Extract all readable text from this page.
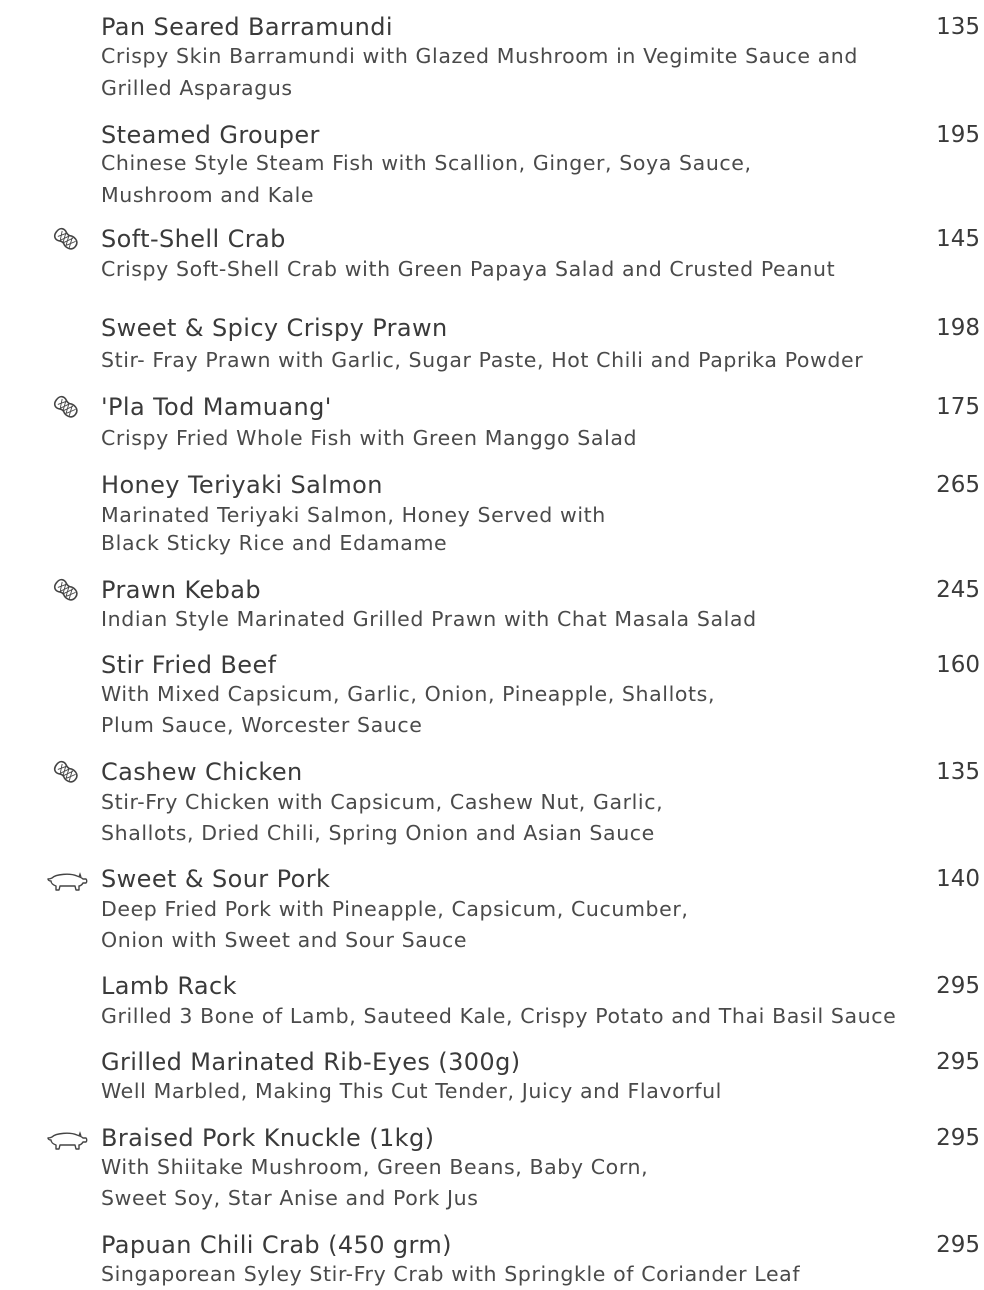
Pan Seared Barramundi	135
Crispy Skin Barramundi with Glazed Mushroom in Vegimite Sauce and
Grilled Asparagus
Steamed Grouper	195
Chinese Style Steam Fish with Scallion, Ginger, Soya Sauce,
Mushroom and Kale
Soft-Shell Crab	145
Crispy Soft-Shell Crab with Green Papaya Salad and Crusted Peanut
Sweet & Spicy Crispy Prawn	198
Stir- Fray Prawn with Garlic, Sugar Paste, Hot Chili and Paprika Powder
'Pla Tod Mamuang'	175
Crispy Fried Whole Fish with Green Manggo Salad
Honey Teriyaki Salmon	265
Marinated Teriyaki Salmon, Honey Served with
Black Sticky Rice and Edamame
Prawn Kebab	245
Indian Style Marinated Grilled Prawn with Chat Masala Salad
Stir Fried Beef	160
With Mixed Capsicum, Garlic, Onion, Pineapple, Shallots,
Plum Sauce, Worcester Sauce
Cashew Chicken	135
Stir-Fry Chicken with Capsicum, Cashew Nut, Garlic,
Shallots, Dried Chili, Spring Onion and Asian Sauce
Sweet & Sour Pork	140
Deep Fried Pork with Pineapple, Capsicum, Cucumber,
Onion with Sweet and Sour Sauce
Lamb Rack	295
Grilled 3 Bone of Lamb, Sauteed Kale, Crispy Potato and Thai Basil Sauce
Grilled Marinated Rib-Eyes (300g)	295
Well Marbled, Making This Cut Tender, Juicy and Flavorful
Braised Pork Knuckle (1kg)	295
With Shiitake Mushroom, Green Beans, Baby Corn,
Sweet Soy, Star Anise and Pork Jus
Papuan Chili Crab (450 grm)	295
Singaporean Syley Stir-Fry Crab with Springkle of Coriander Leaf
